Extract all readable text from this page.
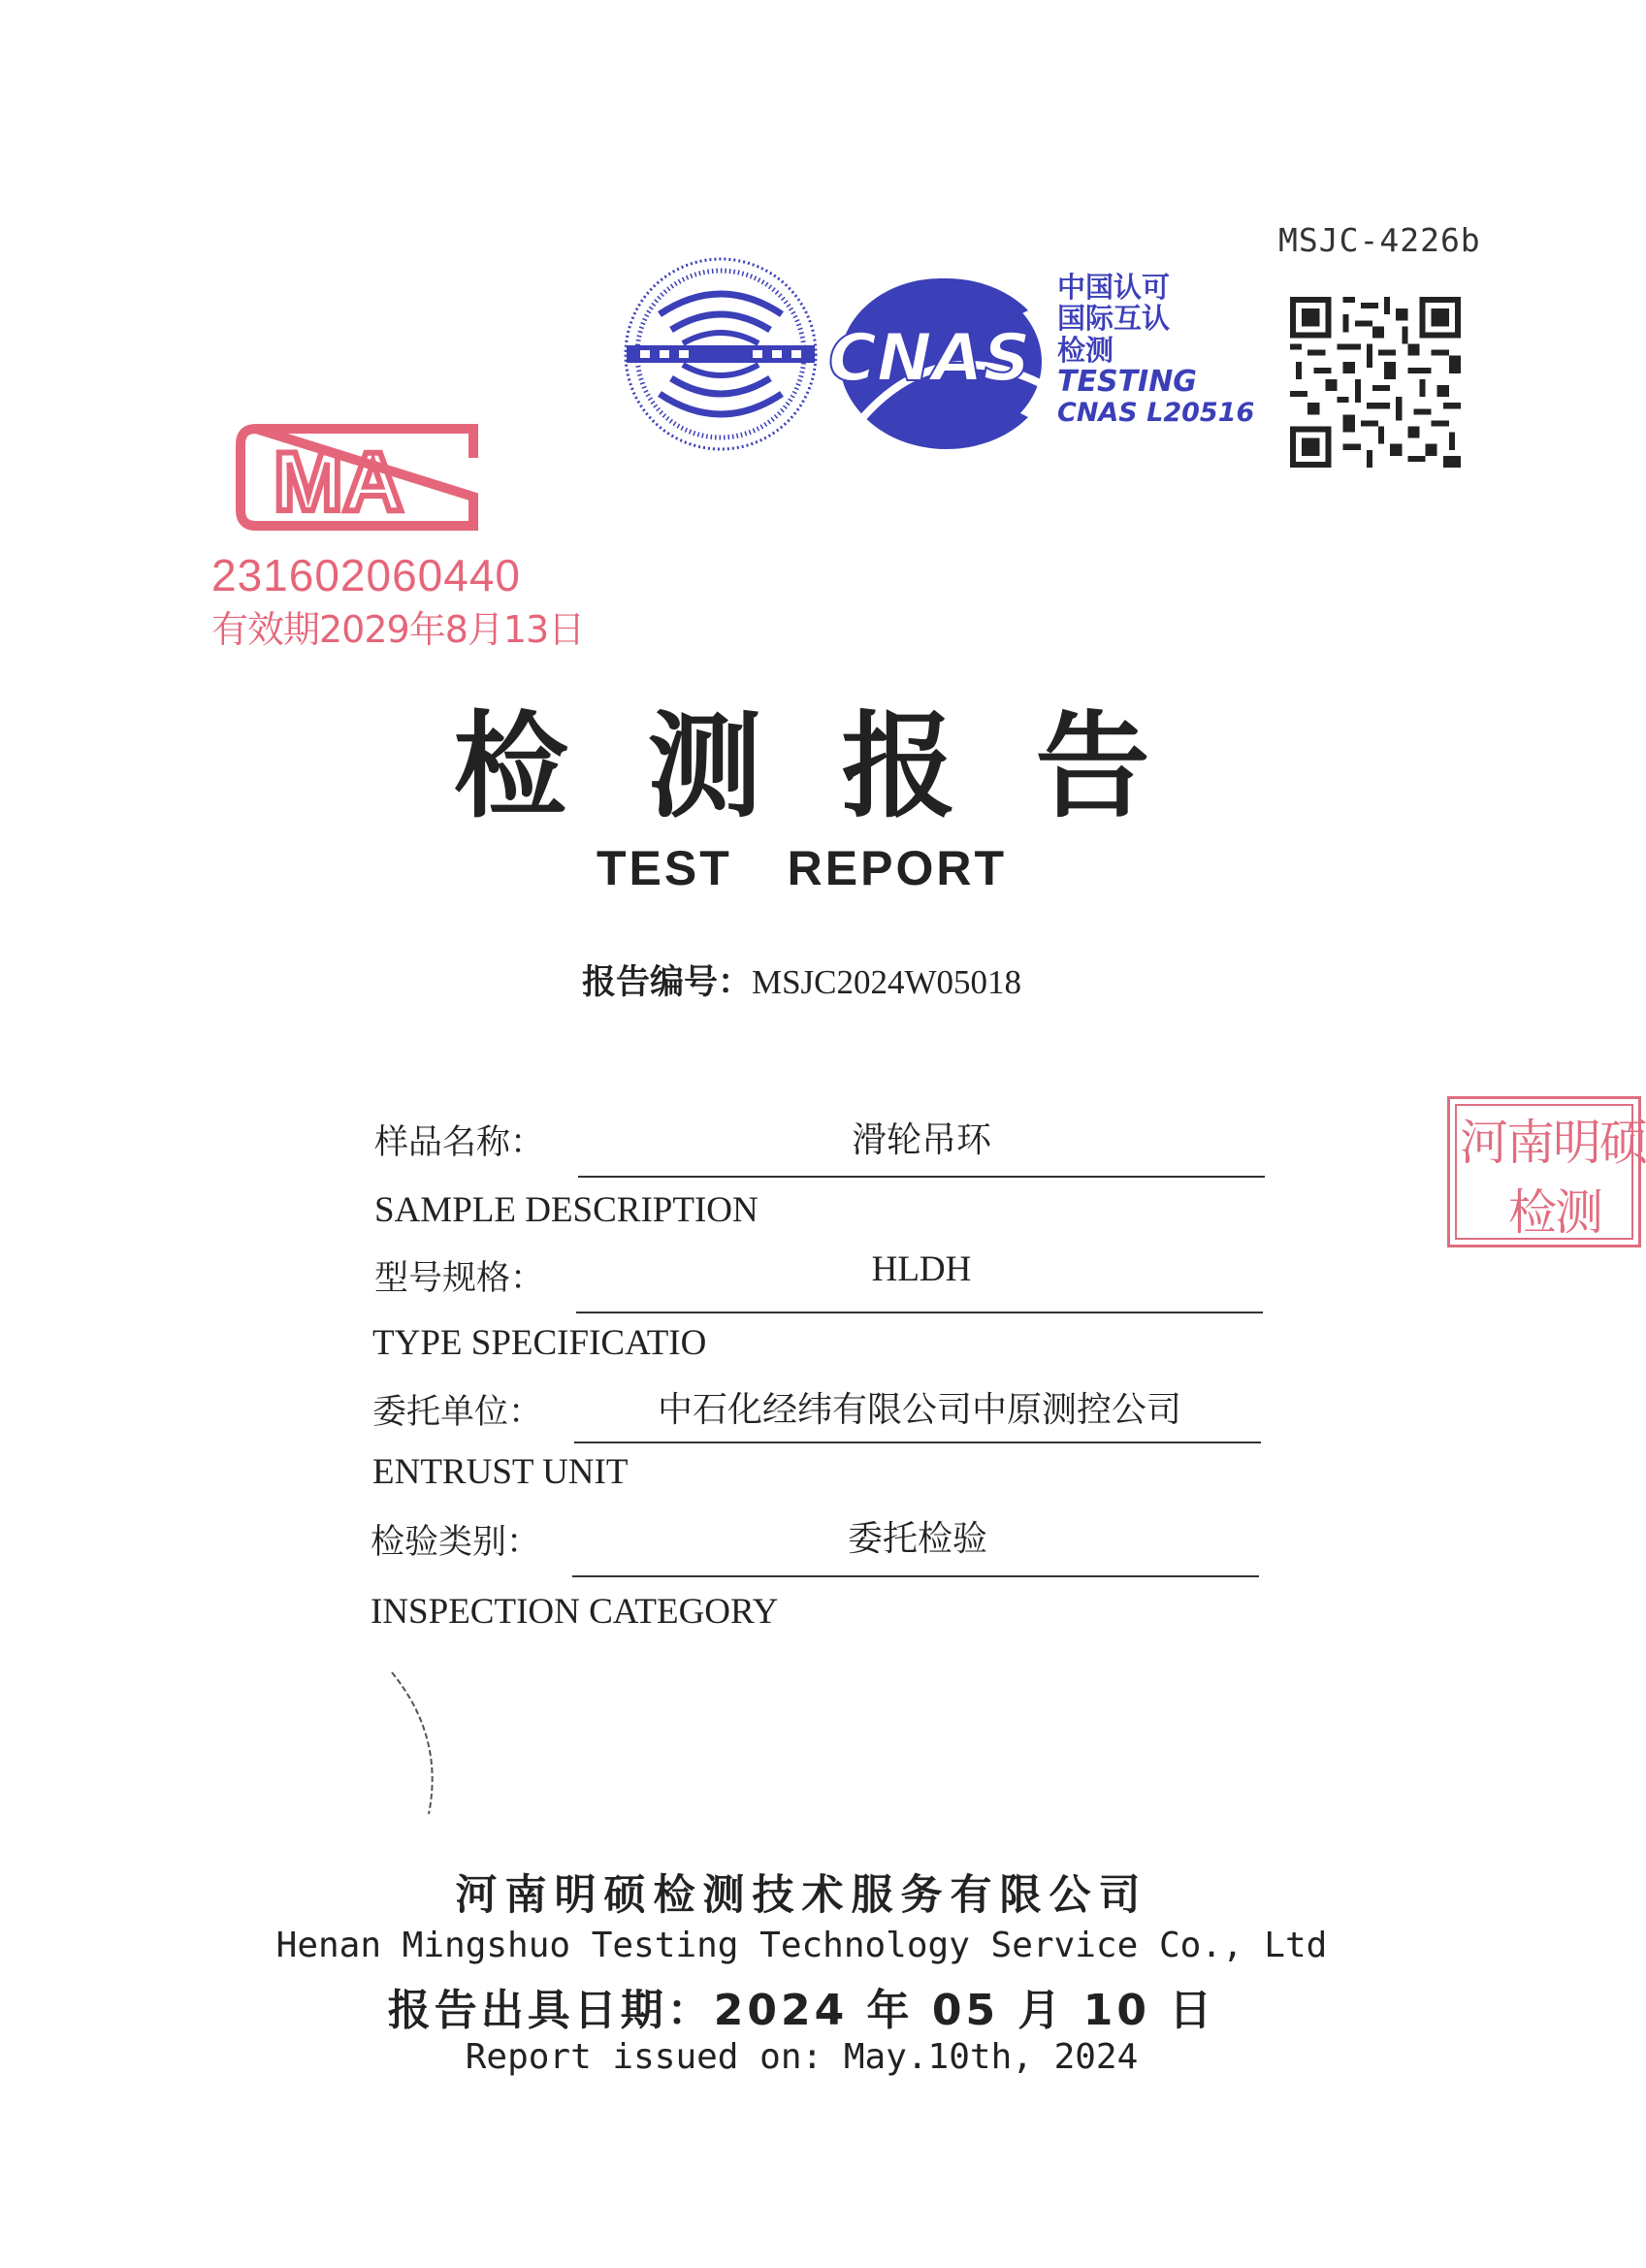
MSJC-4226b
CNAS
中国认可
国际互认
检测
TESTING
CNAS L20516
MA
231602060440
有效期2029年8月13日
检测报告
TEST REPORT
报告编号：MSJC2024W05018
样品名称：	滑轮吊环
SAMPLE DESCRIPTION
型号规格：	HLDH
TYPE SPECIFICATIO
委托单位：	中石化经纬有限公司中原测控公司
ENTRUST UNIT
检验类别：	委托检验
INSPECTION CATEGORY
河南明硕
检测
河南明硕检测技术服务有限公司
Henan Mingshuo Testing Technology Service Co., Ltd
报告出具日期：2024 年 05 月 10 日
Report issued on: May.10th, 2024
